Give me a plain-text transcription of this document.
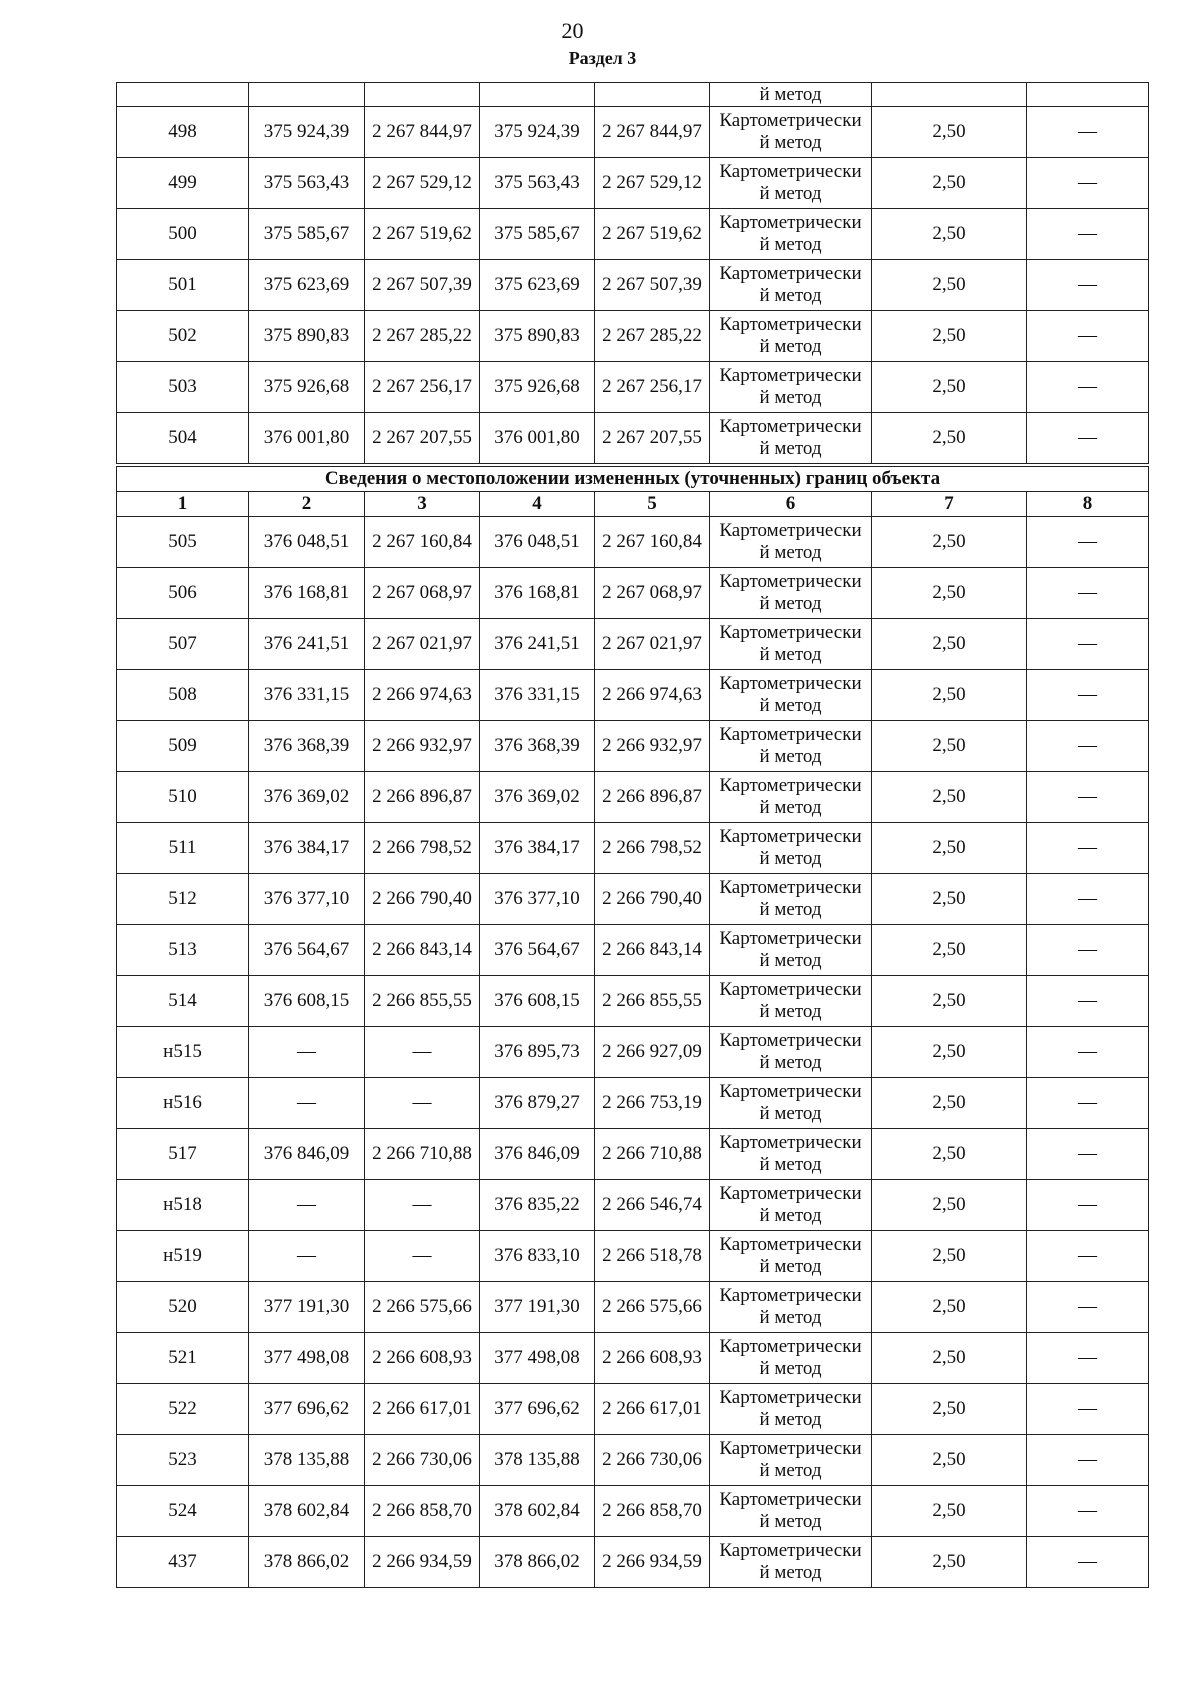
20
Раздел 3
					й метод		
498	375 924,39	2 267 844,97	375 924,39	2 267 844,97	Картометрически
й метод	2,50	—
499	375 563,43	2 267 529,12	375 563,43	2 267 529,12	Картометрически
й метод	2,50	—
500	375 585,67	2 267 519,62	375 585,67	2 267 519,62	Картометрически
й метод	2,50	—
501	375 623,69	2 267 507,39	375 623,69	2 267 507,39	Картометрически
й метод	2,50	—
502	375 890,83	2 267 285,22	375 890,83	2 267 285,22	Картометрически
й метод	2,50	—
503	375 926,68	2 267 256,17	375 926,68	2 267 256,17	Картометрически
й метод	2,50	—
504	376 001,80	2 267 207,55	376 001,80	2 267 207,55	Картометрически
й метод	2,50	—
Сведения о местоположении измененных (уточненных) границ объекта							
1	2	3	4	5	6	7	8
505	376 048,51	2 267 160,84	376 048,51	2 267 160,84	Картометрически
й метод	2,50	—
506	376 168,81	2 267 068,97	376 168,81	2 267 068,97	Картометрически
й метод	2,50	—
507	376 241,51	2 267 021,97	376 241,51	2 267 021,97	Картометрически
й метод	2,50	—
508	376 331,15	2 266 974,63	376 331,15	2 266 974,63	Картометрически
й метод	2,50	—
509	376 368,39	2 266 932,97	376 368,39	2 266 932,97	Картометрически
й метод	2,50	—
510	376 369,02	2 266 896,87	376 369,02	2 266 896,87	Картометрически
й метод	2,50	—
511	376 384,17	2 266 798,52	376 384,17	2 266 798,52	Картометрически
й метод	2,50	—
512	376 377,10	2 266 790,40	376 377,10	2 266 790,40	Картометрически
й метод	2,50	—
513	376 564,67	2 266 843,14	376 564,67	2 266 843,14	Картометрически
й метод	2,50	—
514	376 608,15	2 266 855,55	376 608,15	2 266 855,55	Картометрически
й метод	2,50	—
н515	—	—	376 895,73	2 266 927,09	Картометрически
й метод	2,50	—
н516	—	—	376 879,27	2 266 753,19	Картометрически
й метод	2,50	—
517	376 846,09	2 266 710,88	376 846,09	2 266 710,88	Картометрически
й метод	2,50	—
н518	—	—	376 835,22	2 266 546,74	Картометрически
й метод	2,50	—
н519	—	—	376 833,10	2 266 518,78	Картометрически
й метод	2,50	—
520	377 191,30	2 266 575,66	377 191,30	2 266 575,66	Картометрически
й метод	2,50	—
521	377 498,08	2 266 608,93	377 498,08	2 266 608,93	Картометрически
й метод	2,50	—
522	377 696,62	2 266 617,01	377 696,62	2 266 617,01	Картометрически
й метод	2,50	—
523	378 135,88	2 266 730,06	378 135,88	2 266 730,06	Картометрически
й метод	2,50	—
524	378 602,84	2 266 858,70	378 602,84	2 266 858,70	Картометрически
й метод	2,50	—
437	378 866,02	2 266 934,59	378 866,02	2 266 934,59	Картометрически
й метод	2,50	—
